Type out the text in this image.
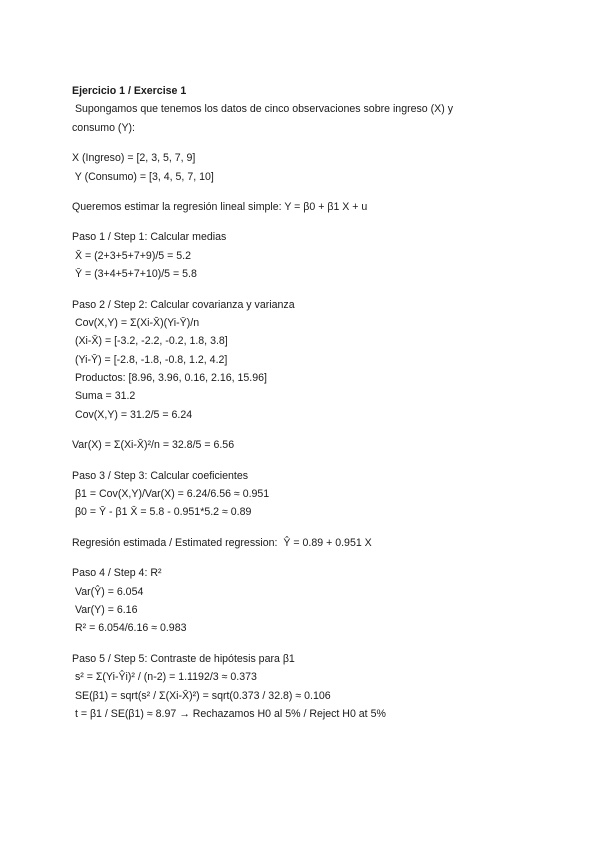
Ejercicio 1 / Exercise 1
Supongamos que tenemos los datos de cinco observaciones sobre ingreso (X) y
consumo (Y):
X (Ingreso) = [2, 3, 5, 7, 9]
Y (Consumo) = [3, 4, 5, 7, 10]
Queremos estimar la regresión lineal simple: Y = β0 + β1 X + u
Paso 1 / Step 1: Calcular medias
X̄ = (2+3+5+7+9)/5 = 5.2
Ȳ = (3+4+5+7+10)/5 = 5.8
Paso 2 / Step 2: Calcular covarianza y varianza
Cov(X,Y) = Σ(Xi-X̄)(Yi-Ȳ)/n
(Xi-X̄) = [-3.2, -2.2, -0.2, 1.8, 3.8]
(Yi-Ȳ) = [-2.8, -1.8, -0.8, 1.2, 4.2]
Productos: [8.96, 3.96, 0.16, 2.16, 15.96]
Suma = 31.2
Cov(X,Y) = 31.2/5 = 6.24
Var(X) = Σ(Xi-X̄)²/n = 32.8/5 = 6.56
Paso 3 / Step 3: Calcular coeficientes
β1 = Cov(X,Y)/Var(X) = 6.24/6.56 ≈ 0.951
β0 = Ȳ - β1 X̄ = 5.8 - 0.951*5.2 ≈ 0.89
Regresión estimada / Estimated regression:  Ŷ = 0.89 + 0.951 X
Paso 4 / Step 4: R²
Var(Ŷ) = 6.054
Var(Y) = 6.16
R² = 6.054/6.16 ≈ 0.983
Paso 5 / Step 5: Contraste de hipótesis para β1
s² = Σ(Yi-Ŷi)² / (n-2) = 1.1192/3 ≈ 0.373
SE(β1) = sqrt(s² / Σ(Xi-X̄)²) = sqrt(0.373 / 32.8) ≈ 0.106
t = β1 / SE(β1) ≈ 8.97 → Rechazamos H0 al 5% / Reject H0 at 5%
